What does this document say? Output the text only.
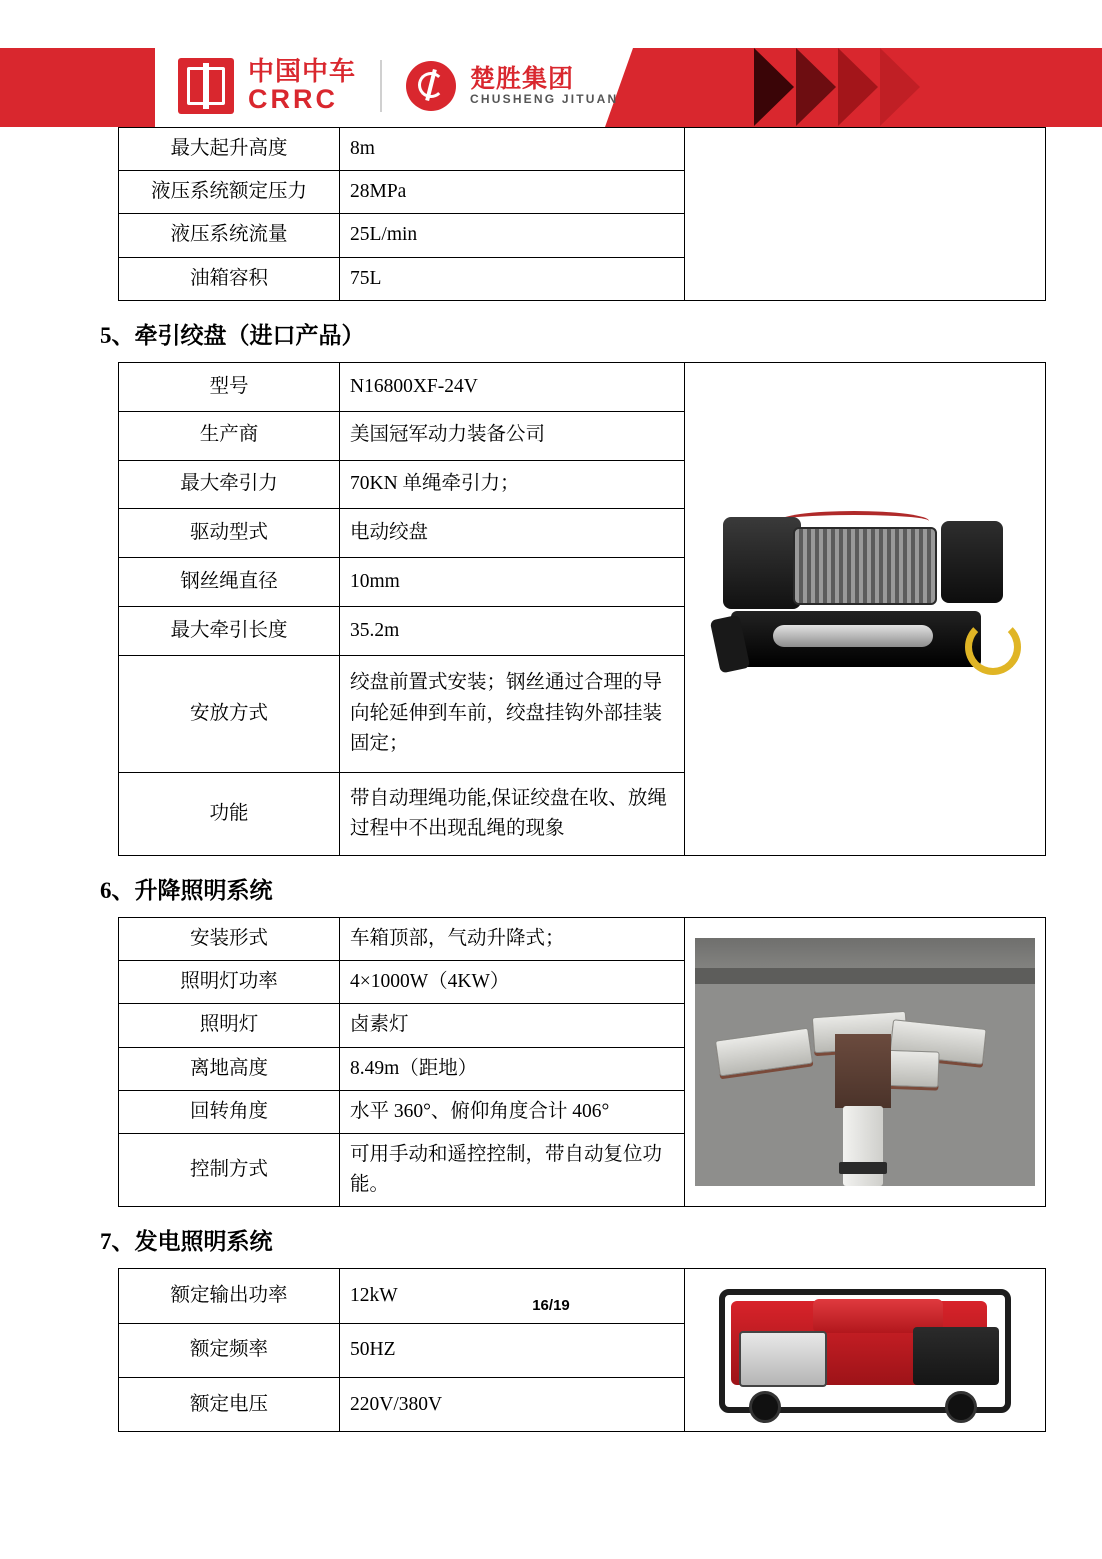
中国中车
CRRC
楚胜集团
CHUSHENG JITUAN
最大起升高度	8m	
液压系统额定压力	28MPa	
液压系统流量	25L/min	
油箱容积	75L	
5、牵引绞盘（进口产品）
型号	N16800XF-24V	

生产商	美国冠军动力装备公司	
最大牵引力	70KN 单绳牵引力；	
驱动型式	电动绞盘	
钢丝绳直径	10mm	
最大牵引长度	35.2m	
安放方式	绞盘前置式安装；钢丝通过合理的导向轮延伸到车前，绞盘挂钩外部挂装固定；	
功能	带自动理绳功能,保证绞盘在收、放绳过程中不出现乱绳的现象	
6、升降照明系统
安装形式	车箱顶部，气动升降式；	

照明灯功率	4×1000W（4KW）	
照明灯	卤素灯	
离地高度	8.49m（距地）	
回转角度	水平 360°、俯仰角度合计 406°	
控制方式	可用手动和遥控控制，带自动复位功能。	
7、发电照明系统
额定输出功率	12kW	

额定频率	50HZ	
额定电压	220V/380V	
16/19
